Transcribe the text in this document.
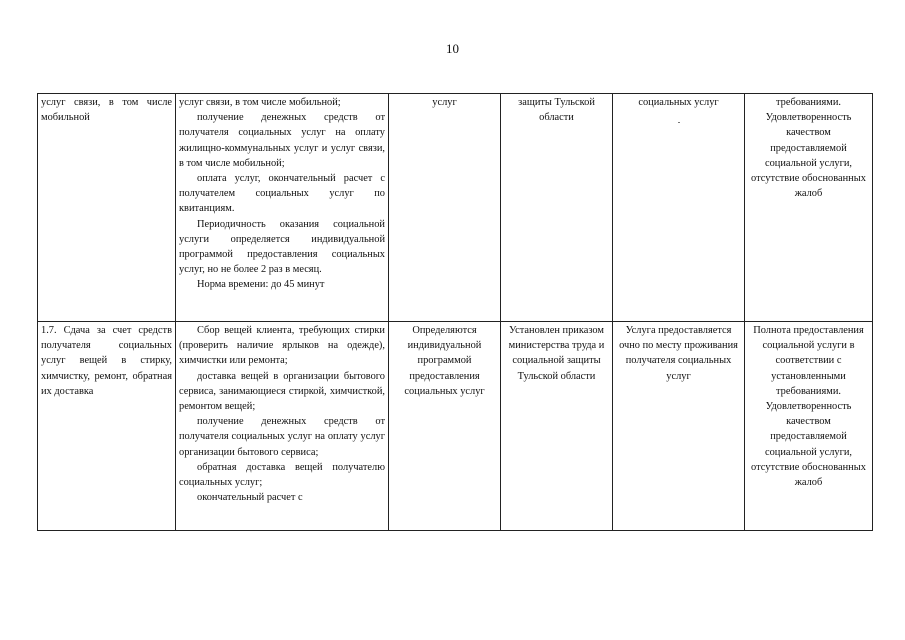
10
услуг связи, в том числе мобильной	услуг связи, в том числе мобильной;
получение денежных средств от получателя социальных услуг на оплату жилищно-коммунальных услуг и услуг связи, в том числе мобильной;
оплата услуг, окончательный расчет с получателем социальных услуг по квитанциям.
Периодичность оказания социальной услуги определяется индивидуальной программой предоставления социальных услуг, но не более 2 раз в месяц.
Норма времени: до 45 минут	услуг	защиты Тульской области	социальных услуг	требованиями. Удовлетворенность качеством предоставляемой социальной услуги, отсутствие обоснованных жалоб
1.7. Сдача за счет средств получателя социальных услуг вещей в стирку, химчистку, ремонт, обратная их доставка	Сбор вещей клиента, требующих стирки (проверить наличие ярлыков на одежде), химчистки или ремонта;
доставка вещей в организации бытового сервиса, занимающиеся стиркой, химчисткой, ремонтом вещей;
получение денежных средств от получателя социальных услуг на оплату услуг организации бытового сервиса;
обратная доставка вещей получателю социальных услуг;
окончательный расчет с	Определяются индивидуальной программой предоставления социальных услуг	Установлен приказом министерства труда и социальной защиты Тульской области	Услуга предоставляется очно по месту проживания получателя социальных услуг	Полнота предоставления социальной услуги в соответствии с установленными требованиями. Удовлетворенность качеством предоставляемой социальной услуги, отсутствие обоснованных жалоб
